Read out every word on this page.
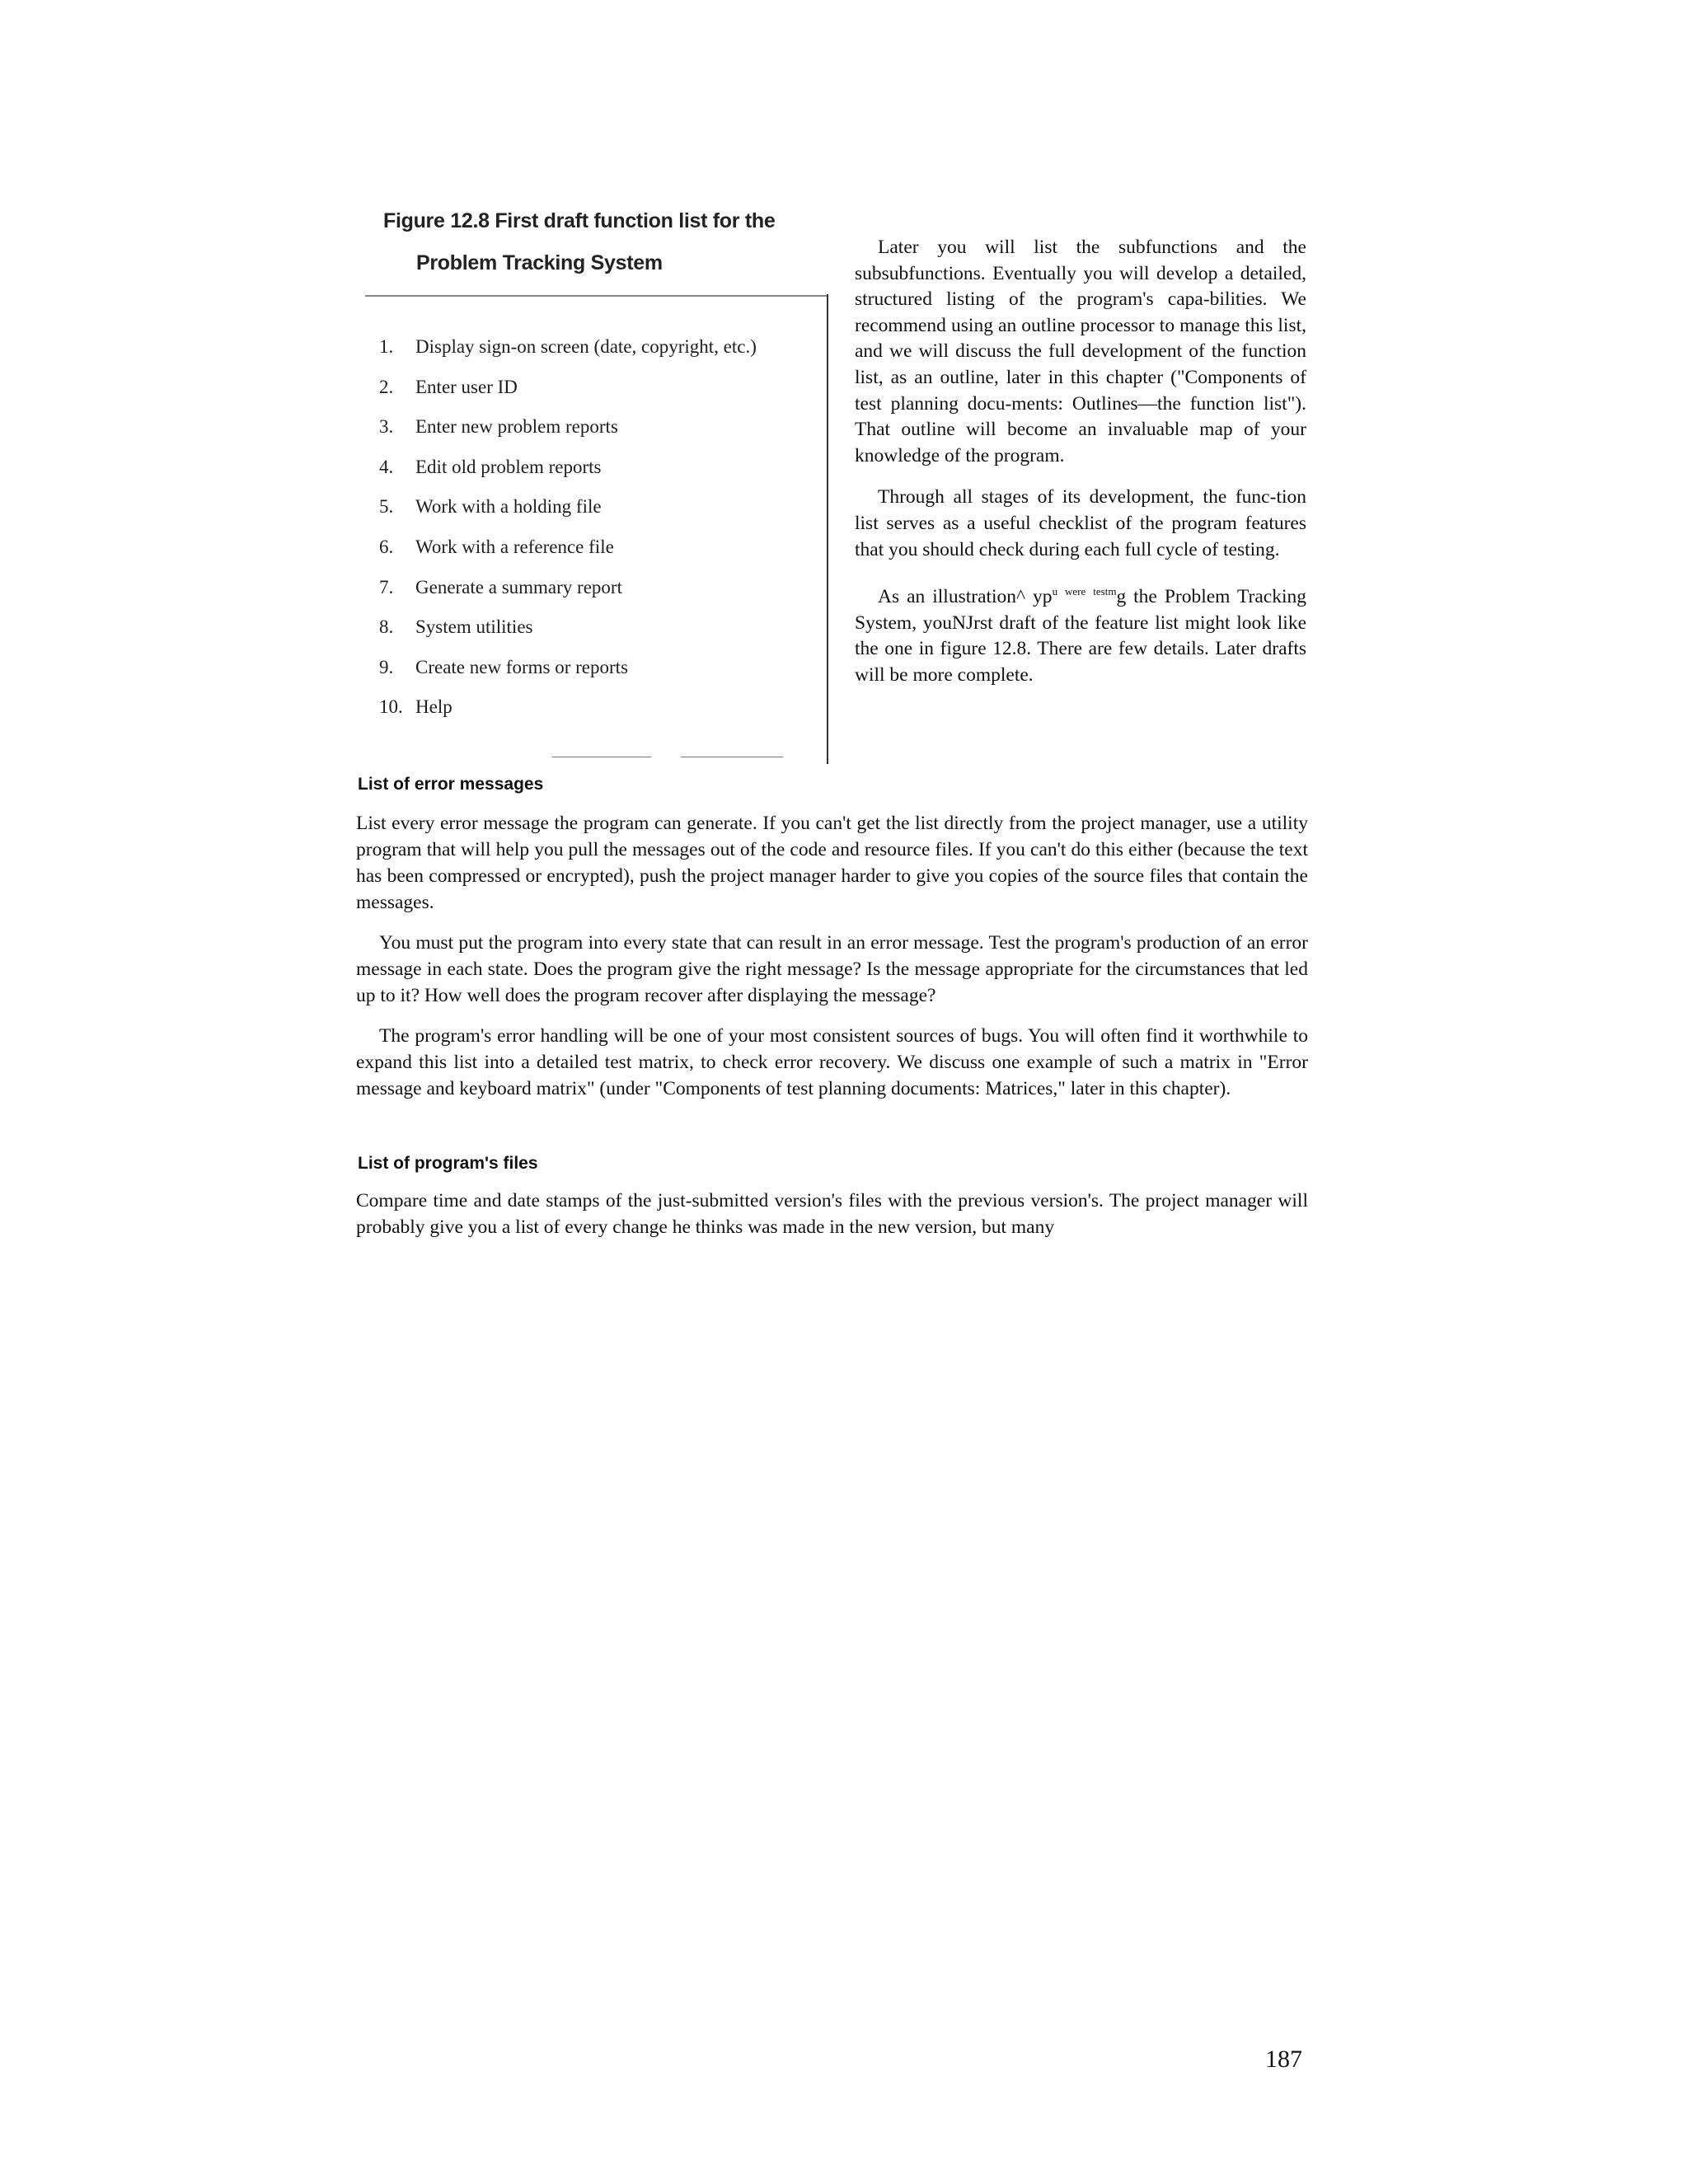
Figure 12.8 First draft function list for the
Problem Tracking System
1. Display sign-on screen (date, copyright, etc.)
2. Enter user ID
3. Enter new problem reports
4. Edit old problem reports
5. Work with a holding file
6. Work with a reference file
7. Generate a summary report
8. System utilities
9. Create new forms or reports
10. Help

Later you will list the subfunctions and the subsubfunctions. Eventually you will develop a detailed, structured listing of the program's capa-bilities. We recommend using an outline processor to manage this list, and we will discuss the full development of the function list, as an outline, later in this chapter ("Components of test planning docu-ments: Outlines—the function list"). That outline will become an invaluable map of your knowledge of the program.

Through all stages of its development, the func-tion list serves as a useful checklist of the program features that you should check during each full cycle of testing.

As an illustration^ $yp^u$ $^{were}$ $^{testm}$g the Problem Tracking System, youNJrst draft of the feature list might look like the one in figure 12.8. There are few details. Later drafts will be more complete.

List of error messages

List every error message the program can generate. If you can't get the list directly from the project manager, use a utility program that will help you pull the messages out of the code and resource files. If you can't do this either (because the text has been compressed or encrypted), push the project manager harder to give you copies of the source files that contain the messages.

You must put the program into every state that can result in an error message. Test the program's production of an error message in each state. Does the program give the right message? Is the message appropriate for the circumstances that led up to it? How well does the program recover after displaying the message?

The program's error handling will be one of your most consistent sources of bugs. You will often find it worthwhile to expand this list into a detailed test matrix, to check error recovery. We discuss one example of such a matrix in "Error message and keyboard matrix" (under "Components of test planning documents: Matrices," later in this chapter).

List of program's files

Compare time and date stamps of the just-submitted version's files with the previous version's. The project manager will probably give you a list of every change he thinks was made in the new version, but many

187
